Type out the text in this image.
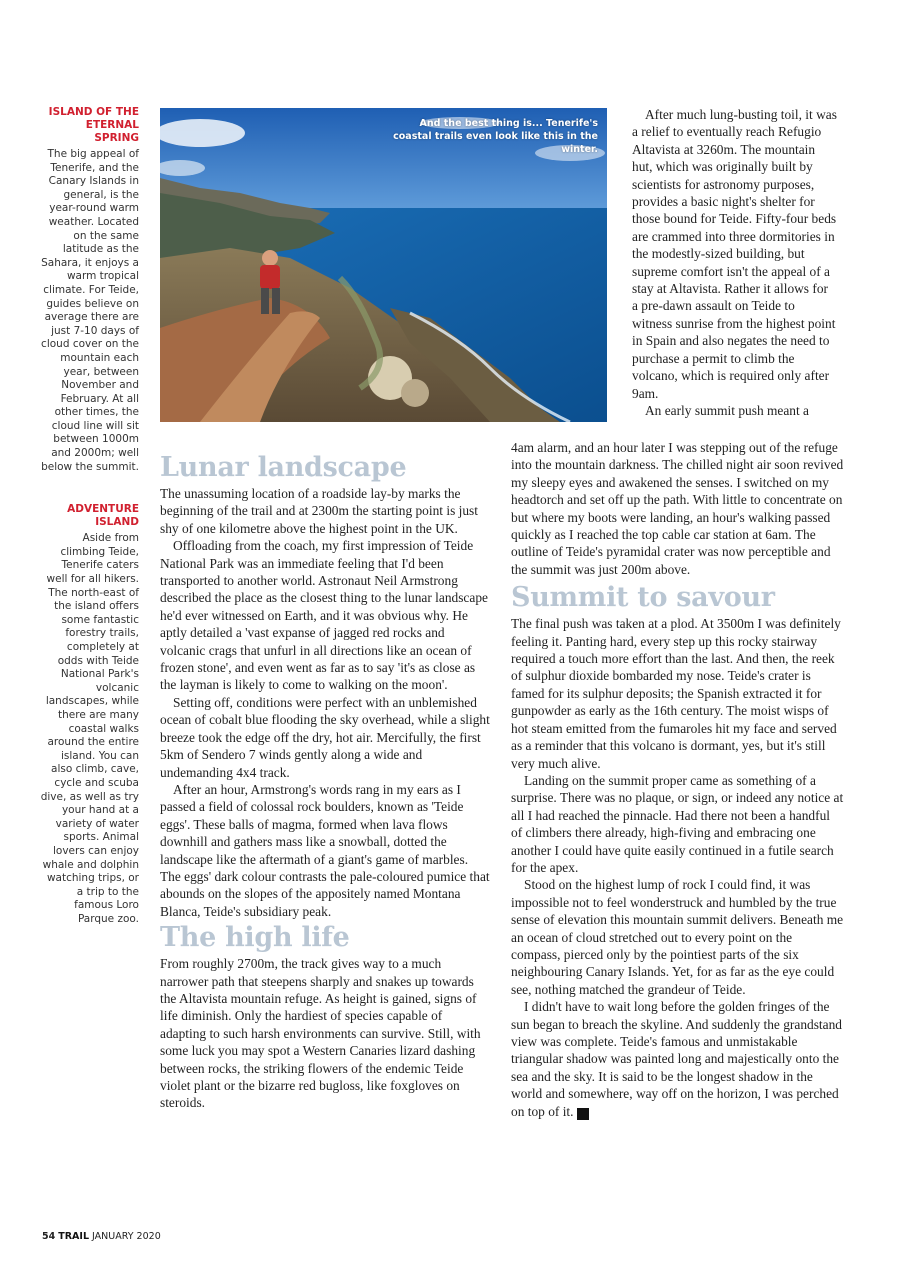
ISLAND OF THE
ETERNAL SPRING

The big appeal of Tenerife, and the Canary Islands in general, is the year-round warm weather. Located on the same latitude as the Sahara, it enjoys a warm tropical climate. For Teide, guides believe on average there are just 7-10 days of cloud cover on the mountain each year, between November and February. At all other times, the cloud line will sit between 1000m and 2000m; well below the summit.

ADVENTURE
ISLAND

Aside from climbing Teide, Tenerife caters well for all hikers. The north-east of the island offers some fantastic forestry trails, completely at odds with Teide National Park's volcanic landscapes, while there are many coastal walks around the entire island. You can also climb, cave, cycle and scuba dive, as well as try your hand at a variety of water sports. Animal lovers can enjoy whale and dolphin watching trips, or a trip to the famous Loro Parque zoo.

And the best thing is... Tenerife's coastal trails even look like this in the winter.

After much lung-busting toil, it was a relief to eventually reach Refugio Altavista at 3260m. The mountain hut, which was originally built by scientists for astronomy purposes, provides a basic night's shelter for those bound for Teide. Fifty-four beds are crammed into three dormitories in the modestly-sized building, but supreme comfort isn't the appeal of a stay at Altavista. Rather it allows for a pre-dawn assault on Teide to witness sunrise from the highest point in Spain and also negates the need to purchase a permit to climb the volcano, which is required only after 9am.

An early summit push meant a

Lunar landscape

The unassuming location of a roadside lay-by marks the beginning of the trail and at 2300m the starting point is just shy of one kilometre above the highest point in the UK.

Offloading from the coach, my first impression of Teide National Park was an immediate feeling that I'd been transported to another world. Astronaut Neil Armstrong described the place as the closest thing to the lunar landscape he'd ever witnessed on Earth, and it was obvious why. He aptly detailed a 'vast expanse of jagged red rocks and volcanic crags that unfurl in all directions like an ocean of frozen stone', and even went as far as to say 'it's as close as the layman is likely to come to walking on the moon'.

Setting off, conditions were perfect with an unblemished ocean of cobalt blue flooding the sky overhead, while a slight breeze took the edge off the dry, hot air. Mercifully, the first 5km of Sendero 7 winds gently along a wide and undemanding 4x4 track.

After an hour, Armstrong's words rang in my ears as I passed a field of colossal rock boulders, known as 'Teide eggs'. These balls of magma, formed when lava flows downhill and gathers mass like a snowball, dotted the landscape like the aftermath of a giant's game of marbles. The eggs' dark colour contrasts the pale-coloured pumice that abounds on the slopes of the appositely named Montana Blanca, Teide's subsidiary peak.

The high life

From roughly 2700m, the track gives way to a much narrower path that steepens sharply and snakes up towards the Altavista mountain refuge. As height is gained, signs of life diminish. Only the hardiest of species capable of adapting to such harsh environments can survive. Still, with some luck you may spot a Western Canaries lizard dashing between rocks, the striking flowers of the endemic Teide violet plant or the bizarre red bugloss, like foxgloves on steroids.

4am alarm, and an hour later I was stepping out of the refuge into the mountain darkness. The chilled night air soon revived my sleepy eyes and awakened the senses. I switched on my headtorch and set off up the path. With little to concentrate on but where my boots were landing, an hour's walking passed quickly as I reached the top cable car station at 6am. The outline of Teide's pyramidal crater was now perceptible and the summit was just 200m above.

Summit to savour

The final push was taken at a plod. At 3500m I was definitely feeling it. Panting hard, every step up this rocky stairway required a touch more effort than the last. And then, the reek of sulphur dioxide bombarded my nose. Teide's crater is famed for its sulphur deposits; the Spanish extracted it for gunpowder as early as the 16th century. The moist wisps of hot steam emitted from the fumaroles hit my face and served as a reminder that this volcano is dormant, yes, but it's still very much alive.

Landing on the summit proper came as something of a surprise. There was no plaque, or sign, or indeed any notice at all I had reached the pinnacle. Had there not been a handful of climbers there already, high-fiving and embracing one another I could have quite easily continued in a futile search for the apex.

Stood on the highest lump of rock I could find, it was impossible not to feel wonderstruck and humbled by the true sense of elevation this mountain summit delivers. Beneath me an ocean of cloud stretched out to every point on the compass, pierced only by the pointiest parts of the six neighbouring Canary Islands. Yet, for as far as the eye could see, nothing matched the grandeur of Teide.

I didn't have to wait long before the golden fringes of the sun began to breach the skyline. And suddenly the grandstand view was complete. Teide's famous and unmistakable triangular shadow was painted long and majestically onto the sea and the sky. It is said to be the longest shadow in the world and somewhere, way off on the horizon, I was perched on top of it. T

54 TRAIL JANUARY 2020
